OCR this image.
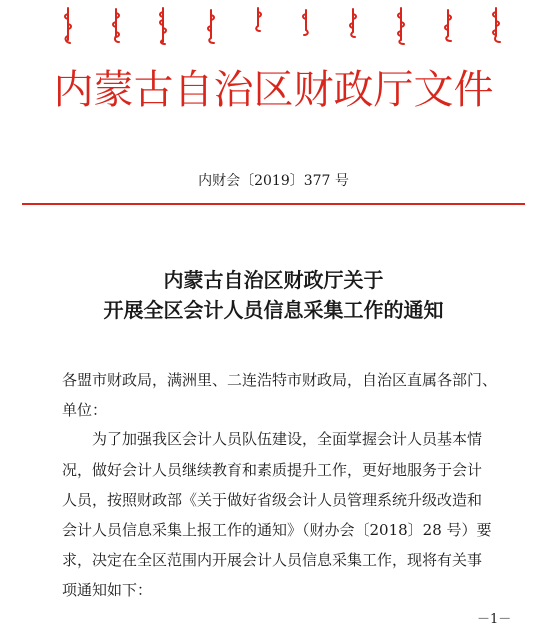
内蒙古自治区财政厅文件
内财会〔2019〕377 号
内蒙古自治区财政厅关于
开展全区会计人员信息采集工作的通知
各盟市财政局，满洲里、二连浩特市财政局，自治区直属各部门、
单位：
　　为了加强我区会计人员队伍建设，全面掌握会计人员基本情
况，做好会计人员继续教育和素质提升工作，更好地服务于会计
人员，按照财政部《关于做好省级会计人员管理系统升级改造和
会计人员信息采集上报工作的通知》（财办会〔2018〕28 号）要
求，决定在全区范围内开展会计人员信息采集工作，现将有关事
项通知如下：
－1－
